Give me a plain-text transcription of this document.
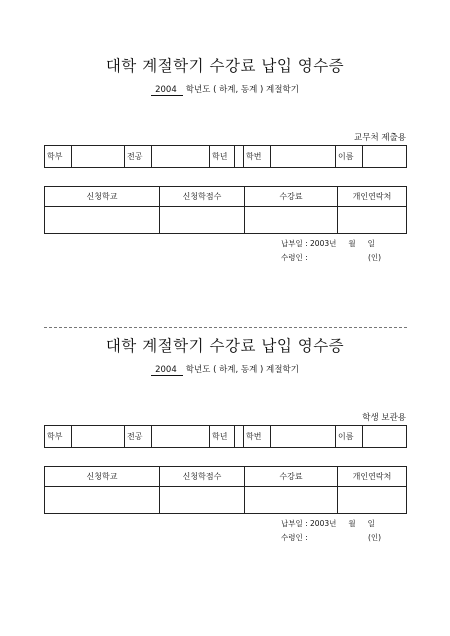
대학 계절학기 수강료 납입 영수증
2004 학년도 ( 하계, 동계 ) 계절학기
교무처 제출용
학부		전공		학년		학번		이름	
신청학교	신청학점수	수강료	개인연락처

납부일 : 2003년 월 일
수령인 :	(인)
대학 계절학기 수강료 납입 영수증
2004 학년도 ( 하계, 동계 ) 계절학기
학생 보관용
학부		전공		학년		학번		이름	
신청학교	신청학점수	수강료	개인연락처

납부일 : 2003년 월 일
수령인 :	(인)
